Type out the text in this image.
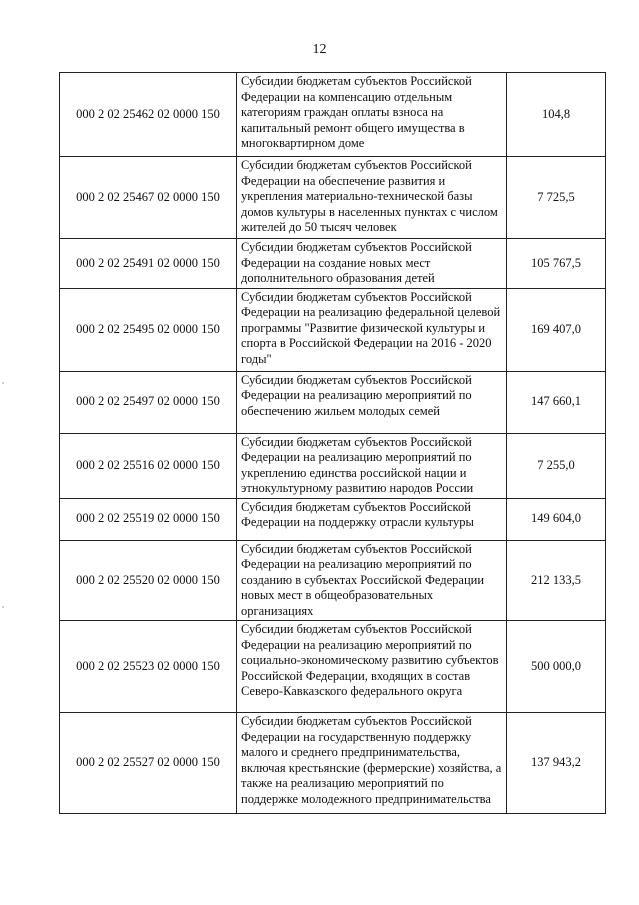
12
000 2 02 25462 02 0000 150	Субсидии бюджетам субъектов Российской Федерации на компенсацию отдельным категориям граждан оплаты взноса на капитальный ремонт общего имущества в многоквартирном доме	104,8
000 2 02 25467 02 0000 150	Субсидии бюджетам субъектов Российской Федерации на обеспечение развития и укрепления материально-технической базы домов культуры в населенных пунктах с числом жителей до 50 тысяч человек	7 725,5
000 2 02 25491 02 0000 150	Субсидии бюджетам субъектов Российской Федерации на создание новых мест дополнительного образования детей	105 767,5
000 2 02 25495 02 0000 150	Субсидии бюджетам субъектов Российской Федерации на реализацию федеральной целевой программы "Развитие физической культуры и спорта в Российской Федерации на 2016 - 2020 годы"	169 407,0
000 2 02 25497 02 0000 150	Субсидии бюджетам субъектов Российской Федерации на реализацию мероприятий по обеспечению жильем молодых семей	147 660,1
000 2 02 25516 02 0000 150	Субсидии бюджетам субъектов Российской Федерации на реализацию мероприятий по укреплению единства российской нации и этнокультурному развитию народов России	7 255,0
000 2 02 25519 02 0000 150	Субсидия бюджетам субъектов Российской Федерации на поддержку отрасли культуры	149 604,0
000 2 02 25520 02 0000 150	Субсидии бюджетам субъектов Российской Федерации на реализацию мероприятий по созданию в субъектах Российской Федерации новых мест в общеобразовательных организациях	212 133,5
000 2 02 25523 02 0000 150	Субсидии бюджетам субъектов Российской Федерации на реализацию мероприятий по социально-экономическому развитию субъектов Российской Федерации, входящих в состав Северо-Кавказского федерального округа	500 000,0
000 2 02 25527 02 0000 150	Субсидии бюджетам субъектов Российской Федерации на государственную поддержку малого и среднего предпринимательства, включая крестьянские (фермерские) хозяйства, а также на реализацию мероприятий по поддержке молодежного предпринимательства	137 943,2
